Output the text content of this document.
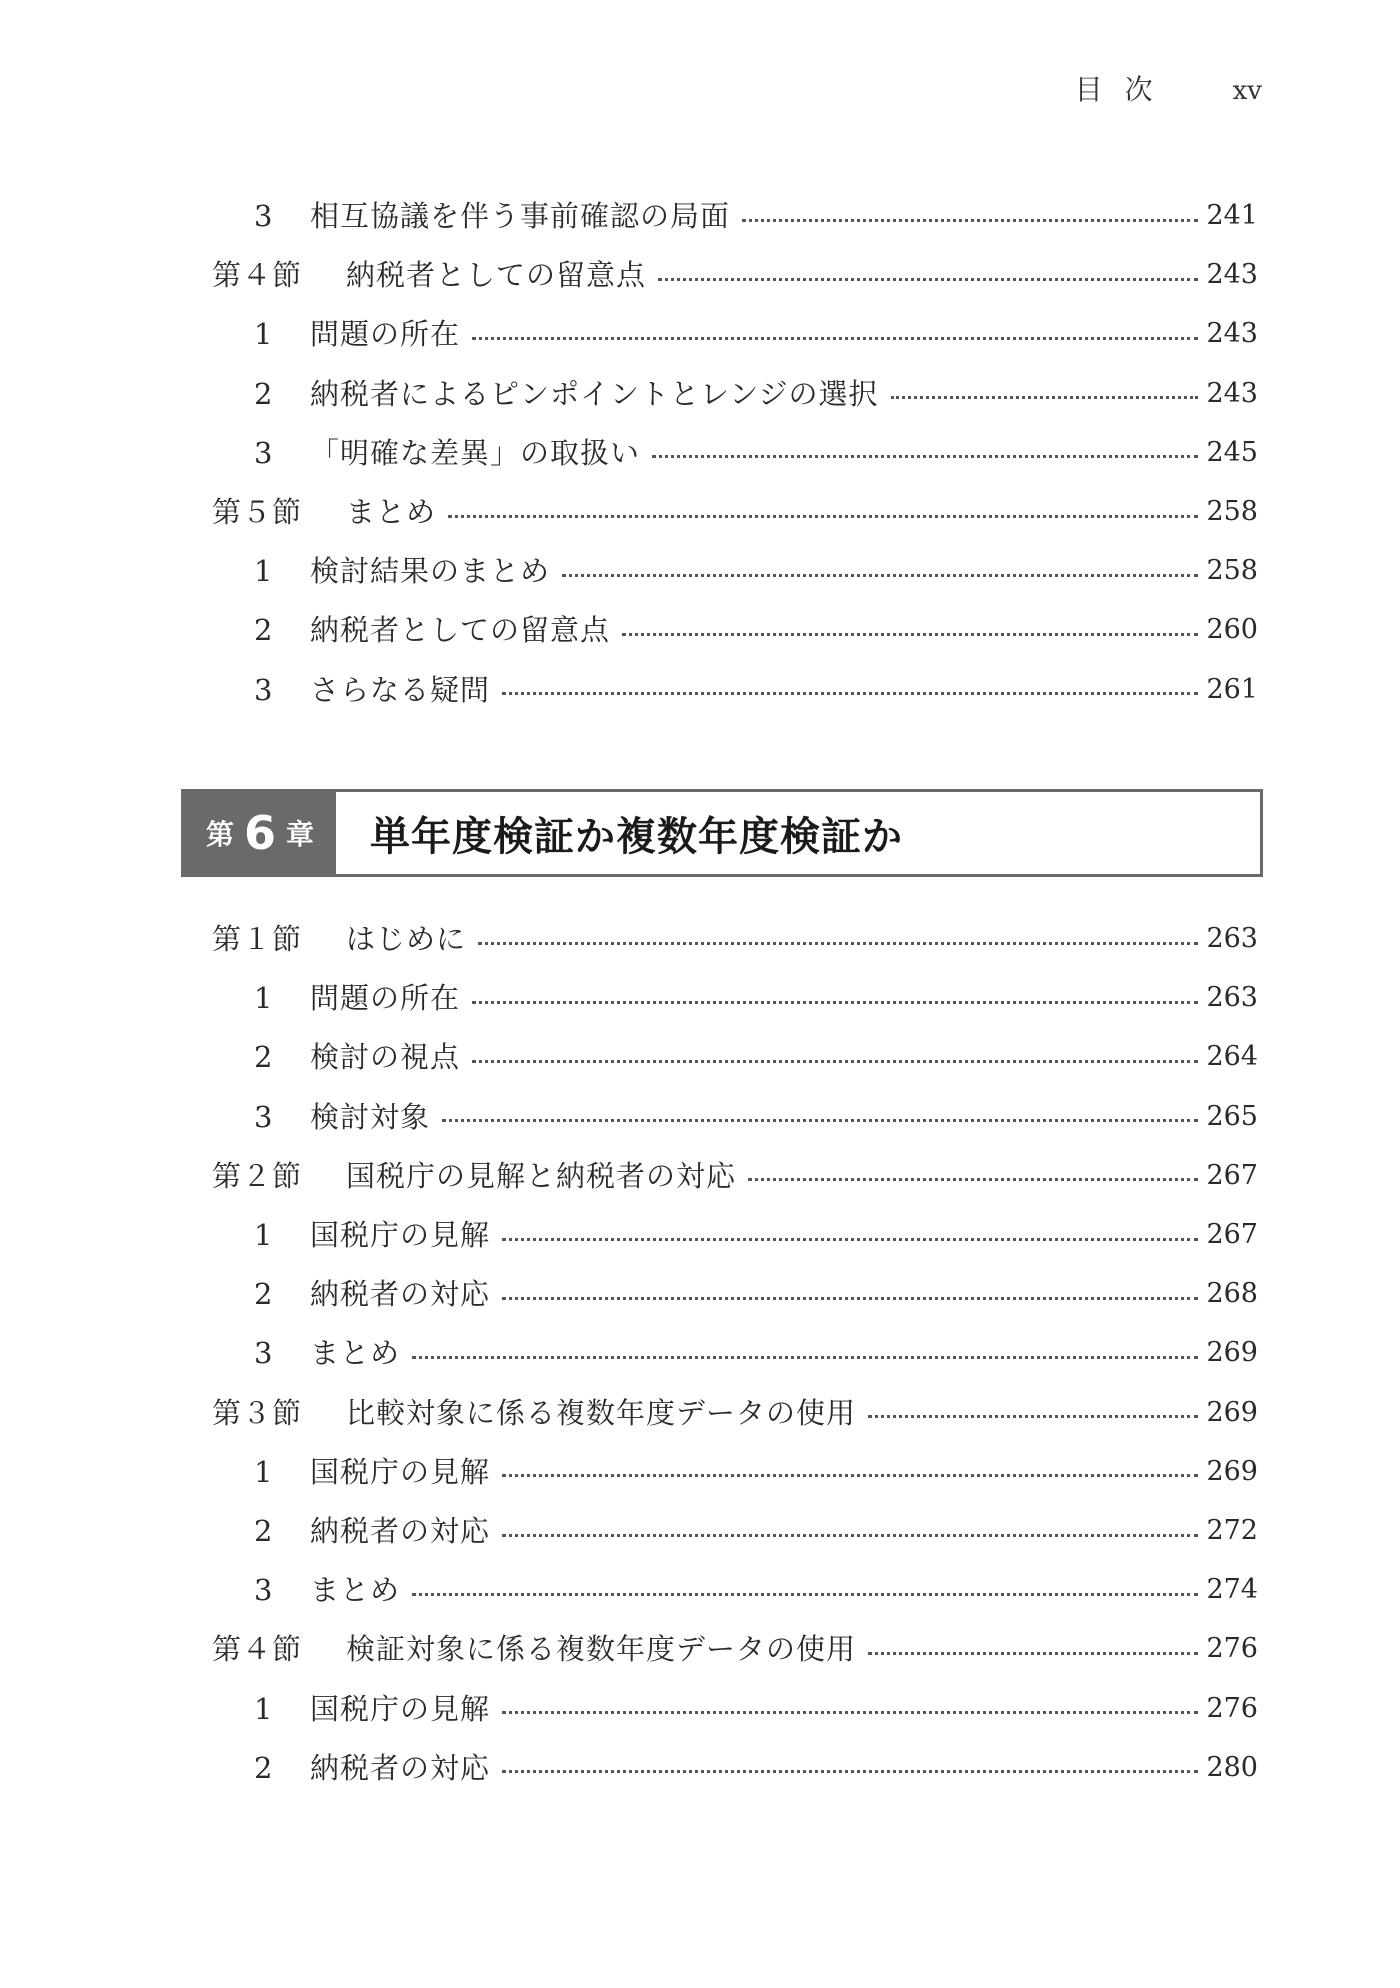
目次 xv
3	相互協議を伴う事前確認の局面	241
第４節	納税者としての留意点	243
1	問題の所在	243
2	納税者によるピンポイントとレンジの選択	243
3	「明確な差異」の取扱い	245
第５節	まとめ	258
1	検討結果のまとめ	258
2	納税者としての留意点	260
3	さらなる疑問	261
第 6 章	単年度検証か複数年度検証か
第１節	はじめに	263
1	問題の所在	263
2	検討の視点	264
3	検討対象	265
第２節	国税庁の見解と納税者の対応	267
1	国税庁の見解	267
2	納税者の対応	268
3	まとめ	269
第３節	比較対象に係る複数年度データの使用	269
1	国税庁の見解	269
2	納税者の対応	272
3	まとめ	274
第４節	検証対象に係る複数年度データの使用	276
1	国税庁の見解	276
2	納税者の対応	280
